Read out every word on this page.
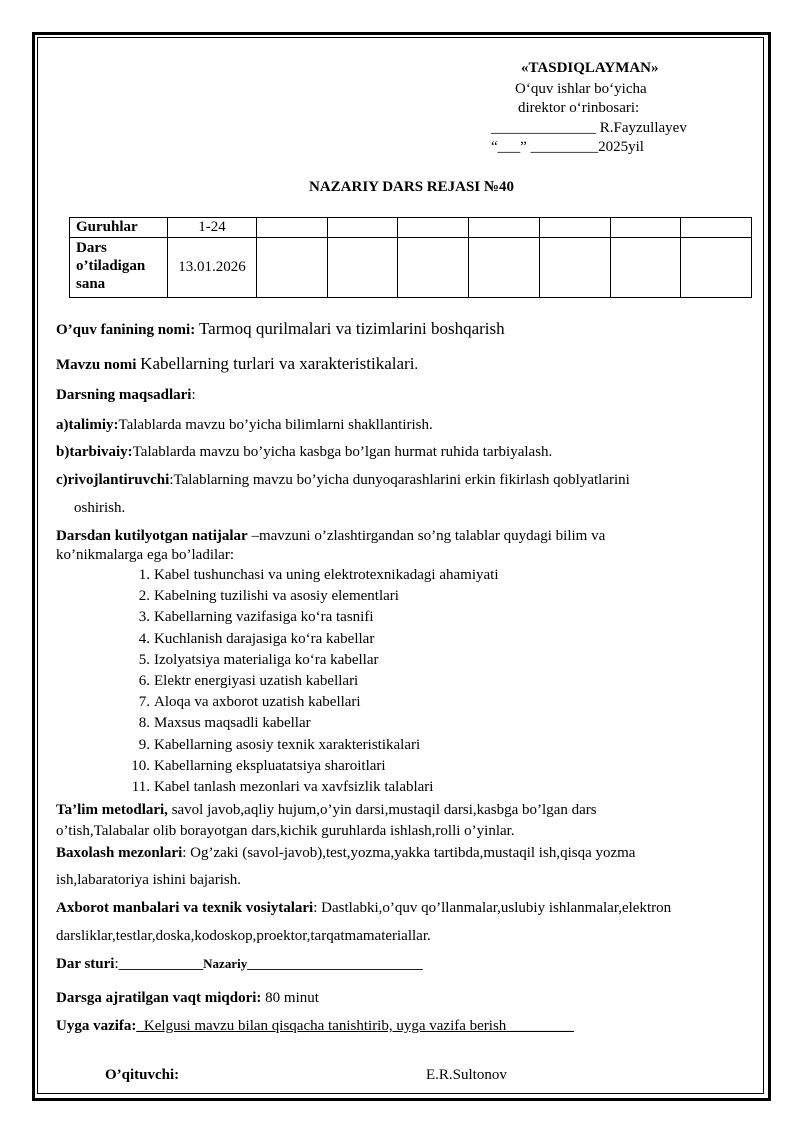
«TASDIQLAYMAN»
O‘quv ishlar bo‘yicha
direktor o‘rinbosari:
______________ R.Fayzullayev
“___” _________2025yil
NAZARIY DARS REJASI №40
Guruhlar	1-24							
Dars
o’tiladigan
sana	13.01.2026							
O’quv fanining nomi: Tarmoq qurilmalari va tizimlarini boshqarish
Mavzu nomi Kabellarning turlari va xarakteristikalari.
Darsning maqsadlari:
a)talimiy:Talablarda mavzu bo’yicha bilimlarni shakllantirish.
b)tarbivaiy:Talablarda mavzu bo’yicha kasbga bo’lgan hurmat ruhida tarbiyalash.
c)rivojlantiruvchi:Talablarning mavzu bo’yicha dunyoqarashlarini erkin fikirlash qoblyatlarini
oshirish.
Darsdan kutilyotgan natijalar –mavzuni o’zlashtirgandan so’ng talablar quydagi bilim va
ko’nikmalarga ega bo’ladilar:
1. Kabel tushunchasi va uning elektrotexnikadagi ahamiyati
2. Kabelning tuzilishi va asosiy elementlari
3. Kabellarning vazifasiga ko‘ra tasnifi
4. Kuchlanish darajasiga ko‘ra kabellar
5. Izolyatsiya materialiga ko‘ra kabellar
6. Elektr energiyasi uzatish kabellari
7. Aloqa va axborot uzatish kabellari
8. Maxsus maqsadli kabellar
9. Kabellarning asosiy texnik xarakteristikalari
10. Kabellarning ekspluatatsiya sharoitlari
11. Kabel tanlash mezonlari va xavfsizlik talablari
Ta’lim metodlari, savol javob,aqliy hujum,o’yin darsi,mustaqil darsi,kasbga bo’lgan dars
o’tish,Talabalar olib borayotgan dars,kichik guruhlarda ishlash,rolli o’yinlar.
Baxolash mezonlari: Og’zaki (savol-javob),test,yozma,yakka tartibda,mustaqil ish,qisqa yozma
ish,labaratoriya ishini bajarish.
Axborot manbalari va texnik vosiytalari: Dastlabki,o’quv qo’llanmalar,uslubiy ishlanmalar,elektron
darsliklar,testlar,doska,kodoskop,proektor,tarqatmamateriallar.
Dar sturi:_____________Nazariy___________________________
Darsga ajratilgan vaqt miqdori: 80 minut
Uyga vazifa:_Kelgusi mavzu bilan qisqacha tanishtirib, uyga vazifa berish_________
O’qituvchi:	E.R.Sultonov
